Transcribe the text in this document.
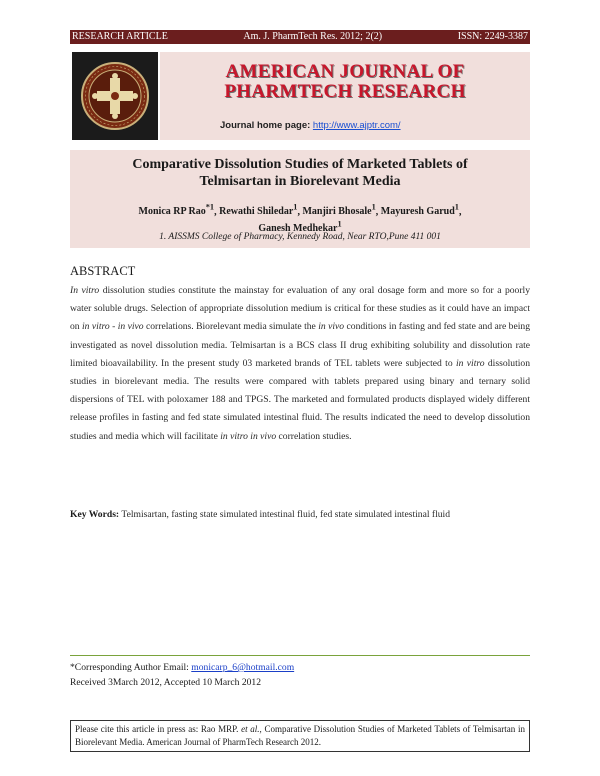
RESEARCH ARTICLE	Am. J. PharmTech Res. 2012; 2(2)	ISSN: 2249-3387
AMERICAN JOURNAL OF
PHARMTECH RESEARCH
Journal home page: http://www.ajptr.com/
Comparative Dissolution Studies of Marketed Tablets of
Telmisartan in Biorelevant Media
Monica RP Rao$^{*1}$, Rewathi Shiledar$^1$, Manjiri Bhosale$^1$, Mayuresh Garud$^1$,
Ganesh Medhekar$^1$
1. AISSMS College of Pharmacy, Kennedy Road, Near RTO,Pune 411 001
ABSTRACT
In vitro dissolution studies constitute the mainstay for evaluation of any oral dosage form and more so for a poorly water soluble drugs. Selection of appropriate dissolution medium is critical for these studies as it could have an impact on in vitro - in vivo correlations. Biorelevant media simulate the in vivo conditions in fasting and fed state and are being investigated as novel dissolution media. Telmisartan is a BCS class II drug exhibiting solubility and dissolution rate limited bioavailability. In the present study 03 marketed brands of TEL tablets were subjected to in vitro dissolution studies in biorelevant media. The results were compared with tablets prepared using binary and ternary solid dispersions of TEL with poloxamer 188 and TPGS. The marketed and formulated products displayed widely different release profiles in fasting and fed state simulated intestinal fluid. The results indicated the need to develop dissolution studies and media which will facilitate in vitro in vivo correlation studies.
Key Words: Telmisartan, fasting state simulated intestinal fluid, fed state simulated intestinal fluid
*Corresponding Author Email: monicarp_6@hotmail.com
Received 3March 2012, Accepted 10 March 2012
Please cite this article in press as: Rao MRP. et al., Comparative Dissolution Studies of Marketed Tablets of Telmisartan in Biorelevant Media. American Journal of PharmTech Research 2012.
